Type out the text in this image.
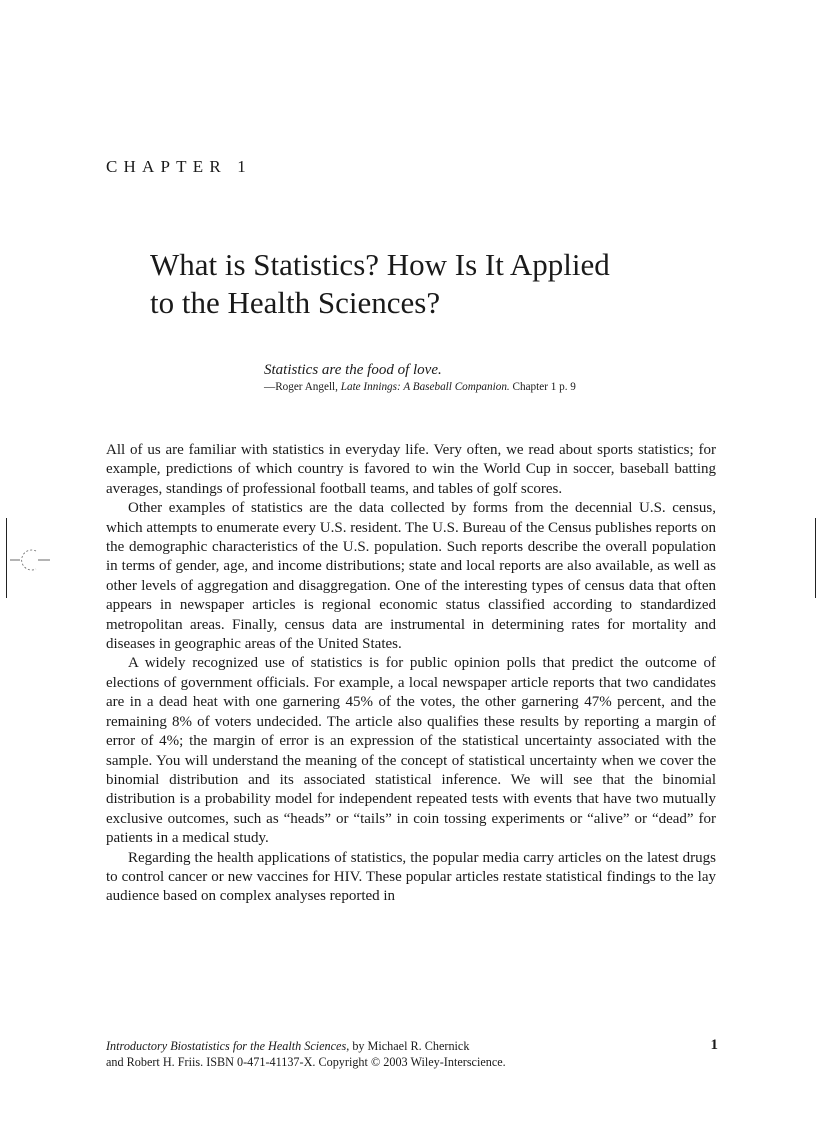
CHAPTER 1
What is Statistics? How Is It Applied
to the Health Sciences?
Statistics are the food of love.
—Roger Angell, Late Innings: A Baseball Companion. Chapter 1 p. 9

All of us are familiar with statistics in everyday life. Very often, we read about sports statistics; for example, predictions of which country is favored to win the World Cup in soccer, baseball batting averages, standings of professional football teams, and tables of golf scores.

Other examples of statistics are the data collected by forms from the decennial U.S. census, which attempts to enumerate every U.S. resident. The U.S. Bureau of the Census publishes reports on the demographic characteristics of the U.S. population. Such reports describe the overall population in terms of gender, age, and income distributions; state and local reports are also available, as well as other levels of aggregation and disaggregation. One of the interesting types of census data that often appears in newspaper articles is regional economic status classified according to standardized metropolitan areas. Finally, census data are instrumental in determining rates for mortality and diseases in geographic areas of the United States.

A widely recognized use of statistics is for public opinion polls that predict the outcome of elections of government officials. For example, a local newspaper article reports that two candidates are in a dead heat with one garnering 45% of the votes, the other garnering 47% percent, and the remaining 8% of voters undecided. The article also qualifies these results by reporting a margin of error of 4%; the margin of error is an expression of the statistical uncertainty associated with the sample. You will understand the meaning of the concept of statistical uncertainty when we cover the binomial distribution and its associated statistical inference. We will see that the binomial distribution is a probability model for independent repeated tests with events that have two mutually exclusive outcomes, such as “heads” or “tails” in coin tossing experiments or “alive” or “dead” for patients in a medical study.

Regarding the health applications of statistics, the popular media carry articles on the latest drugs to control cancer or new vaccines for HIV. These popular articles restate statistical findings to the lay audience based on complex analyses reported in

Introductory Biostatistics for the Health Sciences, by Michael R. Chernick
and Robert H. Friis. ISBN 0-471-41137-X. Copyright © 2003 Wiley-Interscience.
1
